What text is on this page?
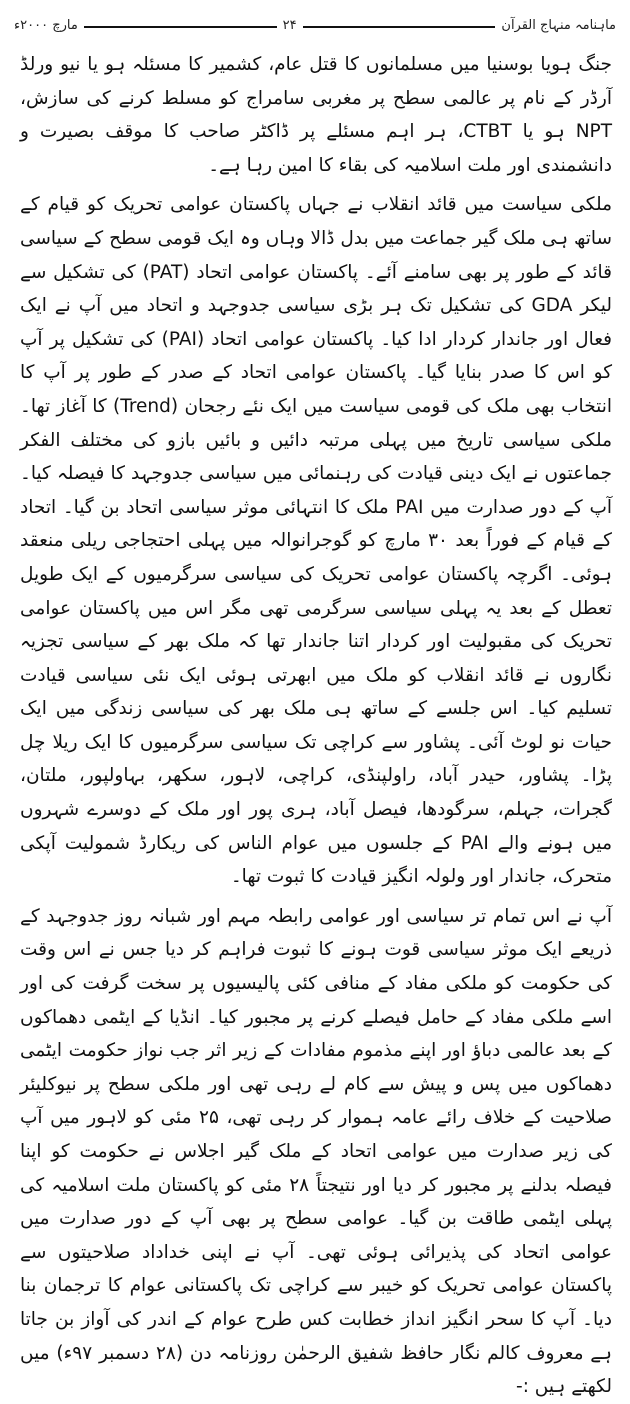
مارچ ۲۰۰۰ء	۲۴	ماہنامہ منہاج القرآن

جنگ ہویا بوسنیا میں مسلمانوں کا قتل عام، کشمیر کا مسئلہ ہو یا نیو ورلڈ آرڈر کے نام پر عالمی سطح پر مغربی سامراج کو مسلط کرنے کی سازش، NPT ہو یا CTBT، ہر اہم مسئلے پر ڈاکٹر صاحب کا موقف بصیرت و دانشمندی اور ملت اسلامیہ کی بقاء کا امین رہا ہے۔

ملکی سیاست میں قائد انقلاب نے جہاں پاکستان عوامی تحریک کو قیام کے ساتھ ہی ملک گیر جماعت میں بدل ڈالا وہاں وہ ایک قومی سطح کے سیاسی قائد کے طور پر بھی سامنے آئے۔ پاکستان عوامی اتحاد (PAT) کی تشکیل سے لیکر GDA کی تشکیل تک ہر بڑی سیاسی جدوجہد و اتحاد میں آپ نے ایک فعال اور جاندار کردار ادا کیا۔ پاکستان عوامی اتحاد (PAI) کی تشکیل پر آپ کو اس کا صدر بنایا گیا۔ پاکستان عوامی اتحاد کے صدر کے طور پر آپ کا انتخاب بھی ملک کی قومی سیاست میں ایک نئے رجحان (Trend) کا آغاز تھا۔ ملکی سیاسی تاریخ میں پہلی مرتبہ دائیں و بائیں بازو کی مختلف الفکر جماعتوں نے ایک دینی قیادت کی رہنمائی میں سیاسی جدوجہد کا فیصلہ کیا۔ آپ کے دور صدارت میں PAI ملک کا انتہائی موثر سیاسی اتحاد بن گیا۔ اتحاد کے قیام کے فوراً بعد ۳۰ مارچ کو گوجرانوالہ میں پہلی احتجاجی ریلی منعقد ہوئی۔ اگرچہ پاکستان عوامی تحریک کی سیاسی سرگرمیوں کے ایک طویل تعطل کے بعد یہ پہلی سیاسی سرگرمی تھی مگر اس میں پاکستان عوامی تحریک کی مقبولیت اور کردار اتنا جاندار تھا کہ ملک بھر کے سیاسی تجزیہ نگاروں نے قائد انقلاب کو ملک میں ابھرتی ہوئی ایک نئی سیاسی قیادت تسلیم کیا۔ اس جلسے کے ساتھ ہی ملک بھر کی سیاسی زندگی میں ایک حیات نو لوٹ آئی۔ پشاور سے کراچی تک سیاسی سرگرمیوں کا ایک ریلا چل پڑا۔ پشاور، حیدر آباد، راولپنڈی، کراچی، لاہور، سکھر، بہاولپور، ملتان، گجرات، جہلم، سرگودھا، فیصل آباد، ہری پور اور ملک کے دوسرے شہروں میں ہونے والے PAI کے جلسوں میں عوام الناس کی ریکارڈ شمولیت آپکی متحرک، جاندار اور ولولہ انگیز قیادت کا ثبوت تھا۔

آپ نے اس تمام تر سیاسی اور عوامی رابطہ مہم اور شبانہ روز جدوجہد کے ذریعے ایک موثر سیاسی قوت ہونے کا ثبوت فراہم کر دیا جس نے اس وقت کی حکومت کو ملکی مفاد کے منافی کئی پالیسیوں پر سخت گرفت کی اور اسے ملکی مفاد کے حامل فیصلے کرنے پر مجبور کیا۔ انڈیا کے ایٹمی دھماکوں کے بعد عالمی دباؤ اور اپنے مذموم مفادات کے زیر اثر جب نواز حکومت ایٹمی دھماکوں میں پس و پیش سے کام لے رہی تھی اور ملکی سطح پر نیوکلیئر صلاحیت کے خلاف رائے عامہ ہموار کر رہی تھی، ۲۵ مئی کو لاہور میں آپ کی زیر صدارت میں عوامی اتحاد کے ملک گیر اجلاس نے حکومت کو اپنا فیصلہ بدلنے پر مجبور کر دیا اور نتیجتاً ۲۸ مئی کو پاکستان ملت اسلامیہ کی پہلی ایٹمی طاقت بن گیا۔ عوامی سطح پر بھی آپ کے دور صدارت میں عوامی اتحاد کی پذیرائی ہوئی تھی۔ آپ نے اپنی خداداد صلاحیتوں سے پاکستان عوامی تحریک کو خیبر سے کراچی تک پاکستانی عوام کا ترجمان بنا دیا۔ آپ کا سحر انگیز انداز خطابت کس طرح عوام کے اندر کی آواز بن جاتا ہے معروف کالم نگار حافظ شفیق الرحمٰن روزنامہ دن (۲۸ دسمبر ۹۷ء) میں لکھتے ہیں :-
